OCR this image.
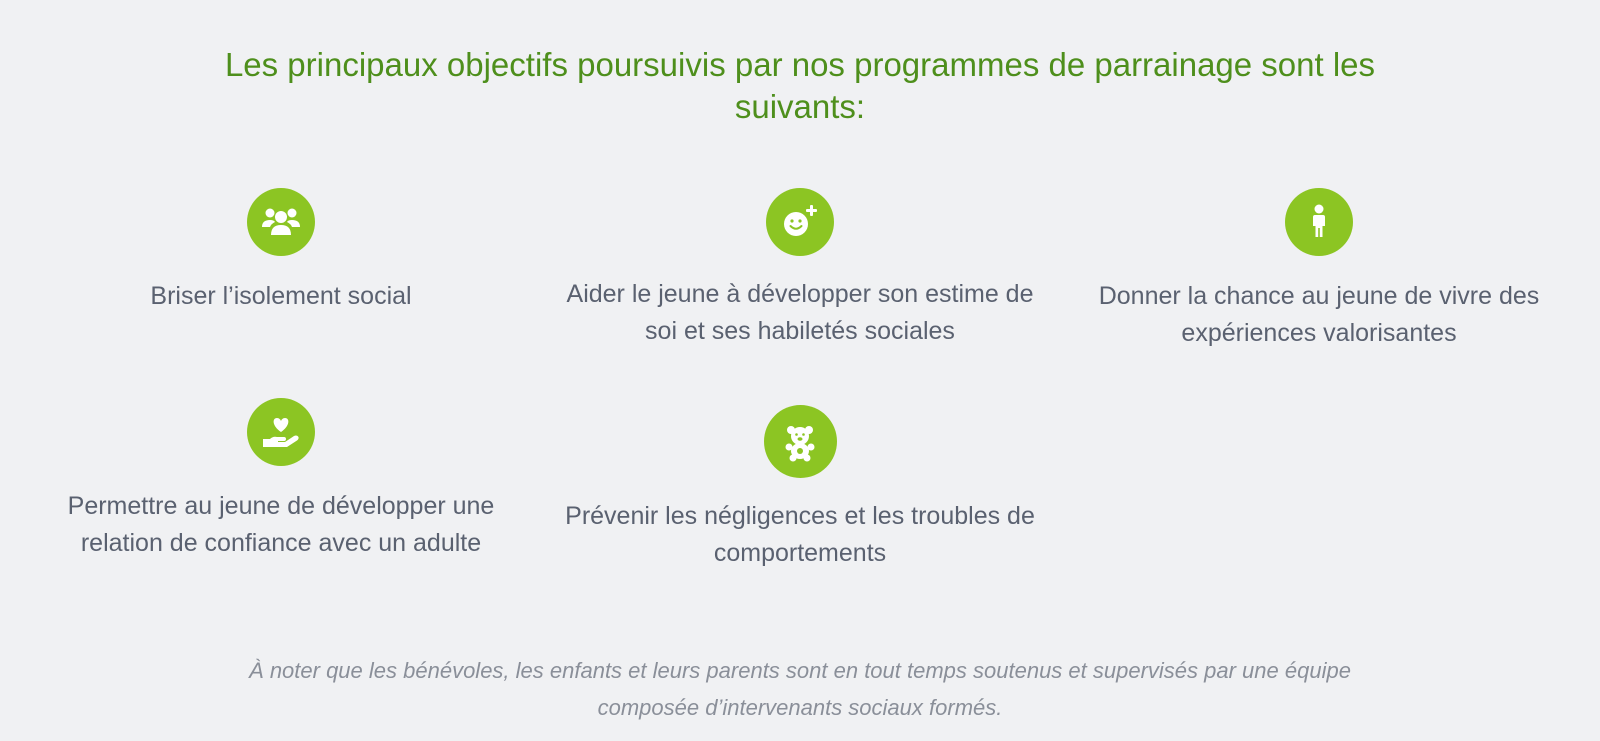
Les principaux objectifs poursuivis par nos programmes de parrainage sont les suivants:
Briser l’isolement social	Aider le jeune à développer son estime de soi et ses habiletés sociales
Donner la chance au jeune de vivre des expériences valorisantes
Permettre au jeune de développer une relation de confiance avec un adulte
Prévenir les négligences et les troubles de comportements

À noter que les bénévoles, les enfants et leurs parents sont en tout temps soutenus et supervisés par une équipe composée d’intervenants sociaux formés.
